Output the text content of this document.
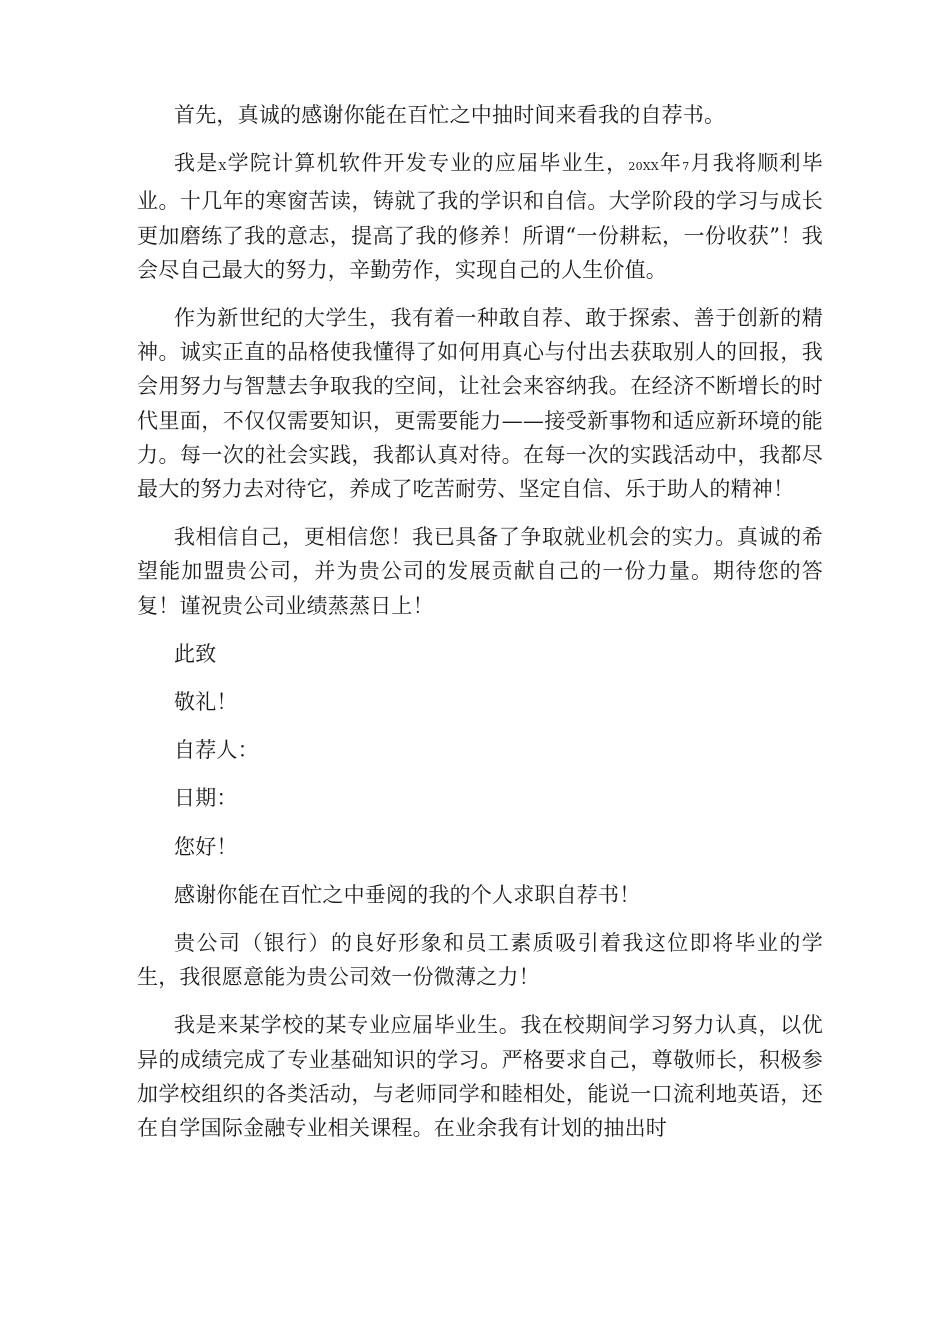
首先，真诚的感谢你能在百忙之中抽时间来看我的自荐书。

我是X学院计算机软件开发专业的应届毕业生，20XX年7月我将顺利毕业。十几年的寒窗苦读，铸就了我的学识和自信。大学阶段的学习与成长更加磨练了我的意志，提高了我的修养！所谓“一份耕耘，一份收获”！我会尽自己最大的努力，辛勤劳作，实现自己的人生价值。

作为新世纪的大学生，我有着一种敢自荐、敢于探索、善于创新的精神。诚实正直的品格使我懂得了如何用真心与付出去获取别人的回报，我会用努力与智慧去争取我的空间，让社会来容纳我。在经济不断增长的时代里面，不仅仅需要知识，更需要能力——接受新事物和适应新环境的能力。每一次的社会实践，我都认真对待。在每一次的实践活动中，我都尽最大的努力去对待它，养成了吃苦耐劳、坚定自信、乐于助人的精神！

我相信自己，更相信您！我已具备了争取就业机会的实力。真诚的希望能加盟贵公司，并为贵公司的发展贡献自己的一份力量。期待您的答复！谨祝贵公司业绩蒸蒸日上！

此致

敬礼！

自荐人：

日期：

您好！

感谢你能在百忙之中垂阅的我的个人求职自荐书！

贵公司（银行）的良好形象和员工素质吸引着我这位即将毕业的学生，我很愿意能为贵公司效一份微薄之力！

我是来某学校的某专业应届毕业生。我在校期间学习努力认真，以优异的成绩完成了专业基础知识的学习。严格要求自己，尊敬师长，积极参加学校组织的各类活动，与老师同学和睦相处，能说一口流利地英语，还在自学国际金融专业相关课程。在业余我有计划的抽出时
